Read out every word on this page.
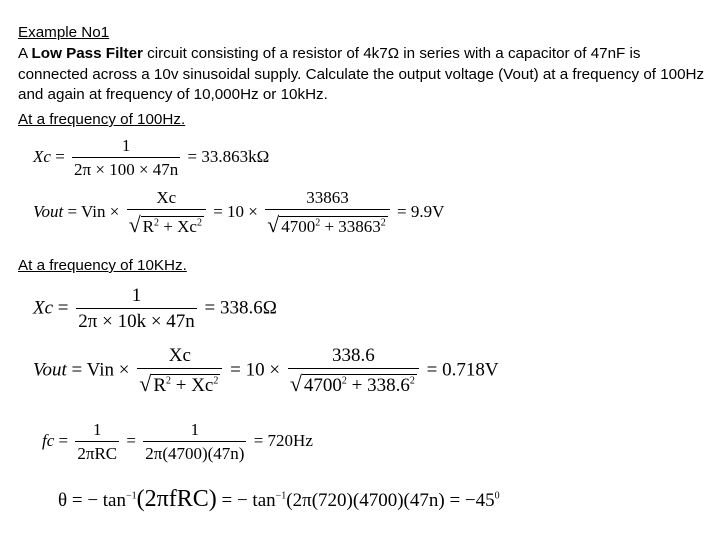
Example No1
A Low Pass Filter circuit consisting of a resistor of 4k7Ω in series with a capacitor of 47nF is connected across a 10v sinusoidal supply. Calculate the output voltage (Vout) at a frequency of 100Hz and again at frequency of 10,000Hz or 10kHz.
At a frequency of 100Hz.
$Xc = \frac{1}{2\pi \times 100 \times 47n} = 33.863k\Omega$
Vout = Vin × $\frac{Xc}{√ R^2 + Xc^2} = 10 \times \frac{33863}{√ 4700^2 + 33863^2} = 9.9V$
At a frequency of 10KHz.
$Xc = \frac{1}{2\pi \times 10k \times 47n} = 338.6\Omega$
Vout = Vin × $\frac{Xc}{√ R^2 + Xc^2} = 10 \times \frac{338.6}{√ 4700^2 + 338.6^2} = 0.718V$
fc = $\frac{1}{\text{2πRC}} = \frac{1}{2\pi(4700)(47n)} = 720Hz$
θ = − $\tan^{-1}(2\pi fRC)$ = − $\tan^{-1}(2\pi(720)(4700)(47n) = -45^0$
